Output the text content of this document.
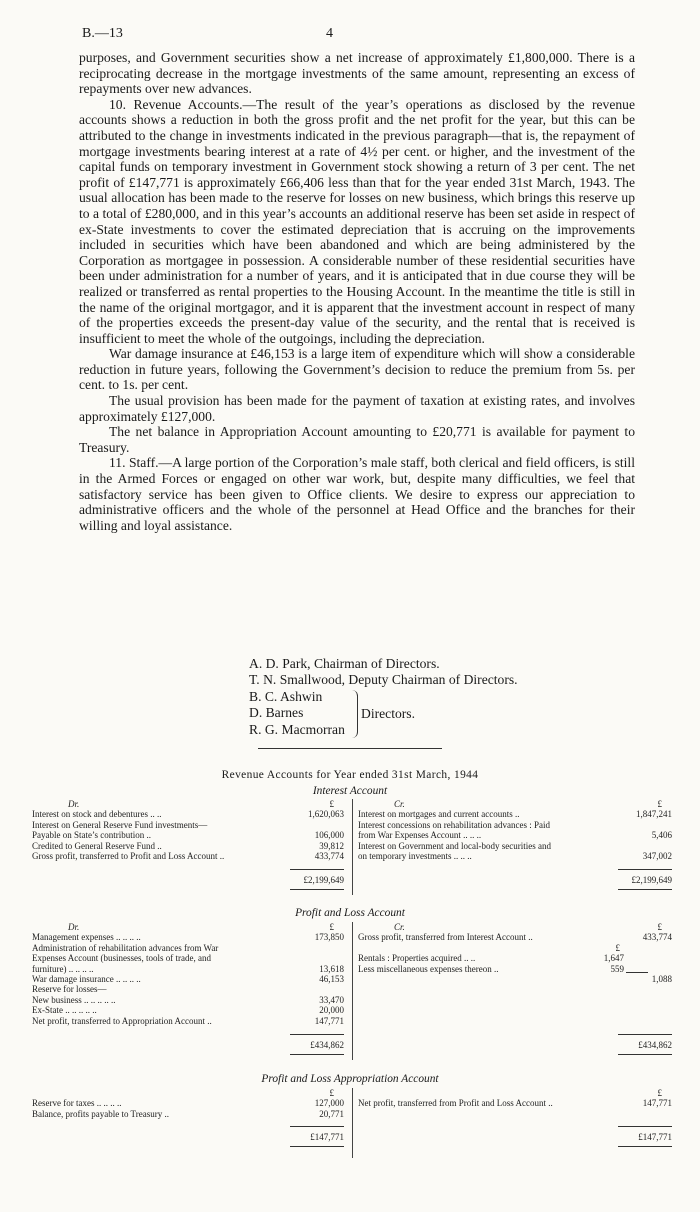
B.—13	4

purposes, and Government securities show a net increase of approximately £1,800,000. There is a reciprocating decrease in the mortgage investments of the same amount, representing an excess of repayments over new advances.

10. Revenue Accounts.—The result of the year’s operations as disclosed by the revenue accounts shows a reduction in both the gross profit and the net profit for the year, but this can be attributed to the change in investments indicated in the previous paragraph—that is, the repayment of mortgage investments bearing interest at a rate of 4½ per cent. or higher, and the investment of the capital funds on temporary investment in Government stock showing a return of 3 per cent. The net profit of £147,771 is approximately £66,406 less than that for the year ended 31st March, 1943. The usual allocation has been made to the reserve for losses on new business, which brings this reserve up to a total of £280,000, and in this year’s accounts an additional reserve has been set aside in respect of ex-State investments to cover the estimated depreciation that is accruing on the improvements included in securities which have been abandoned and which are being administered by the Corporation as mortgagee in possession. A considerable number of these residential securities have been under administration for a number of years, and it is anticipated that in due course they will be realized or transferred as rental properties to the Housing Account. In the meantime the title is still in the name of the original mortgagor, and it is apparent that the investment account in respect of many of the properties exceeds the present-day value of the security, and the rental that is received is insufficient to meet the whole of the outgoings, including the depreciation.

War damage insurance at £46,153 is a large item of expenditure which will show a considerable reduction in future years, following the Government’s decision to reduce the premium from 5s. per cent. to 1s. per cent.

The usual provision has been made for the payment of taxation at existing rates, and involves approximately £127,000.

The net balance in Appropriation Account amounting to £20,771 is available for payment to Treasury.

11. Staff.—A large portion of the Corporation’s male staff, both clerical and field officers, is still in the Armed Forces or engaged on other war work, but, despite many difficulties, we feel that satisfactory service has been given to Office clients. We desire to express our appreciation to administrative officers and the whole of the personnel at Head Office and the branches for their willing and loyal assistance.

A. D. Park, Chairman of Directors.
T. N. Smallwood, Deputy Chairman of Directors.
B. C. Ashwin
D. Barnes
R. G. Macmorran
Directors.
Revenue Accounts for Year ended 31st March, 1944
Interest Account
Dr.	£
Interest on stock and debentures .. ..	1,620,063
Interest on General Reserve Fund investments—
Payable on State’s contribution ..	106,000
Credited to General Reserve Fund ..	39,812
Gross profit, transferred to Profit and Loss Account ..	433,774
Cr.	£
Interest on mortgages and current accounts ..	1,847,241
Interest concessions on rehabilitation advances : Paid
from War Expenses Account .. .. ..	5,406
Interest on Government and local-body securities and
on temporary investments .. .. ..	347,002
£2,199,649	£2,199,649
Profit and Loss Account
Dr.	£
Management expenses .. .. .. ..	173,850
Administration of rehabilitation advances from War
Expenses Account (businesses, tools of trade, and
furniture) .. .. .. ..	13,618
War damage insurance .. .. .. ..	46,153
Reserve for losses—
New business .. .. .. .. ..	33,470
Ex-State .. .. .. .. ..	20,000
Net profit, transferred to Appropriation Account ..	147,771
Cr.	£
Gross profit, transferred from Interest Account ..	433,774
£
Rentals : Properties acquired .. ..	1,647
Less miscellaneous expenses thereon ..	559
1,088
£434,862	£434,862
Profit and Loss Appropriation Account
£
Reserve for taxes .. .. .. ..	127,000
Balance, profits payable to Treasury ..	20,771
£
Net profit, transferred from Profit and Loss Account ..	147,771
£147,771	£147,771
